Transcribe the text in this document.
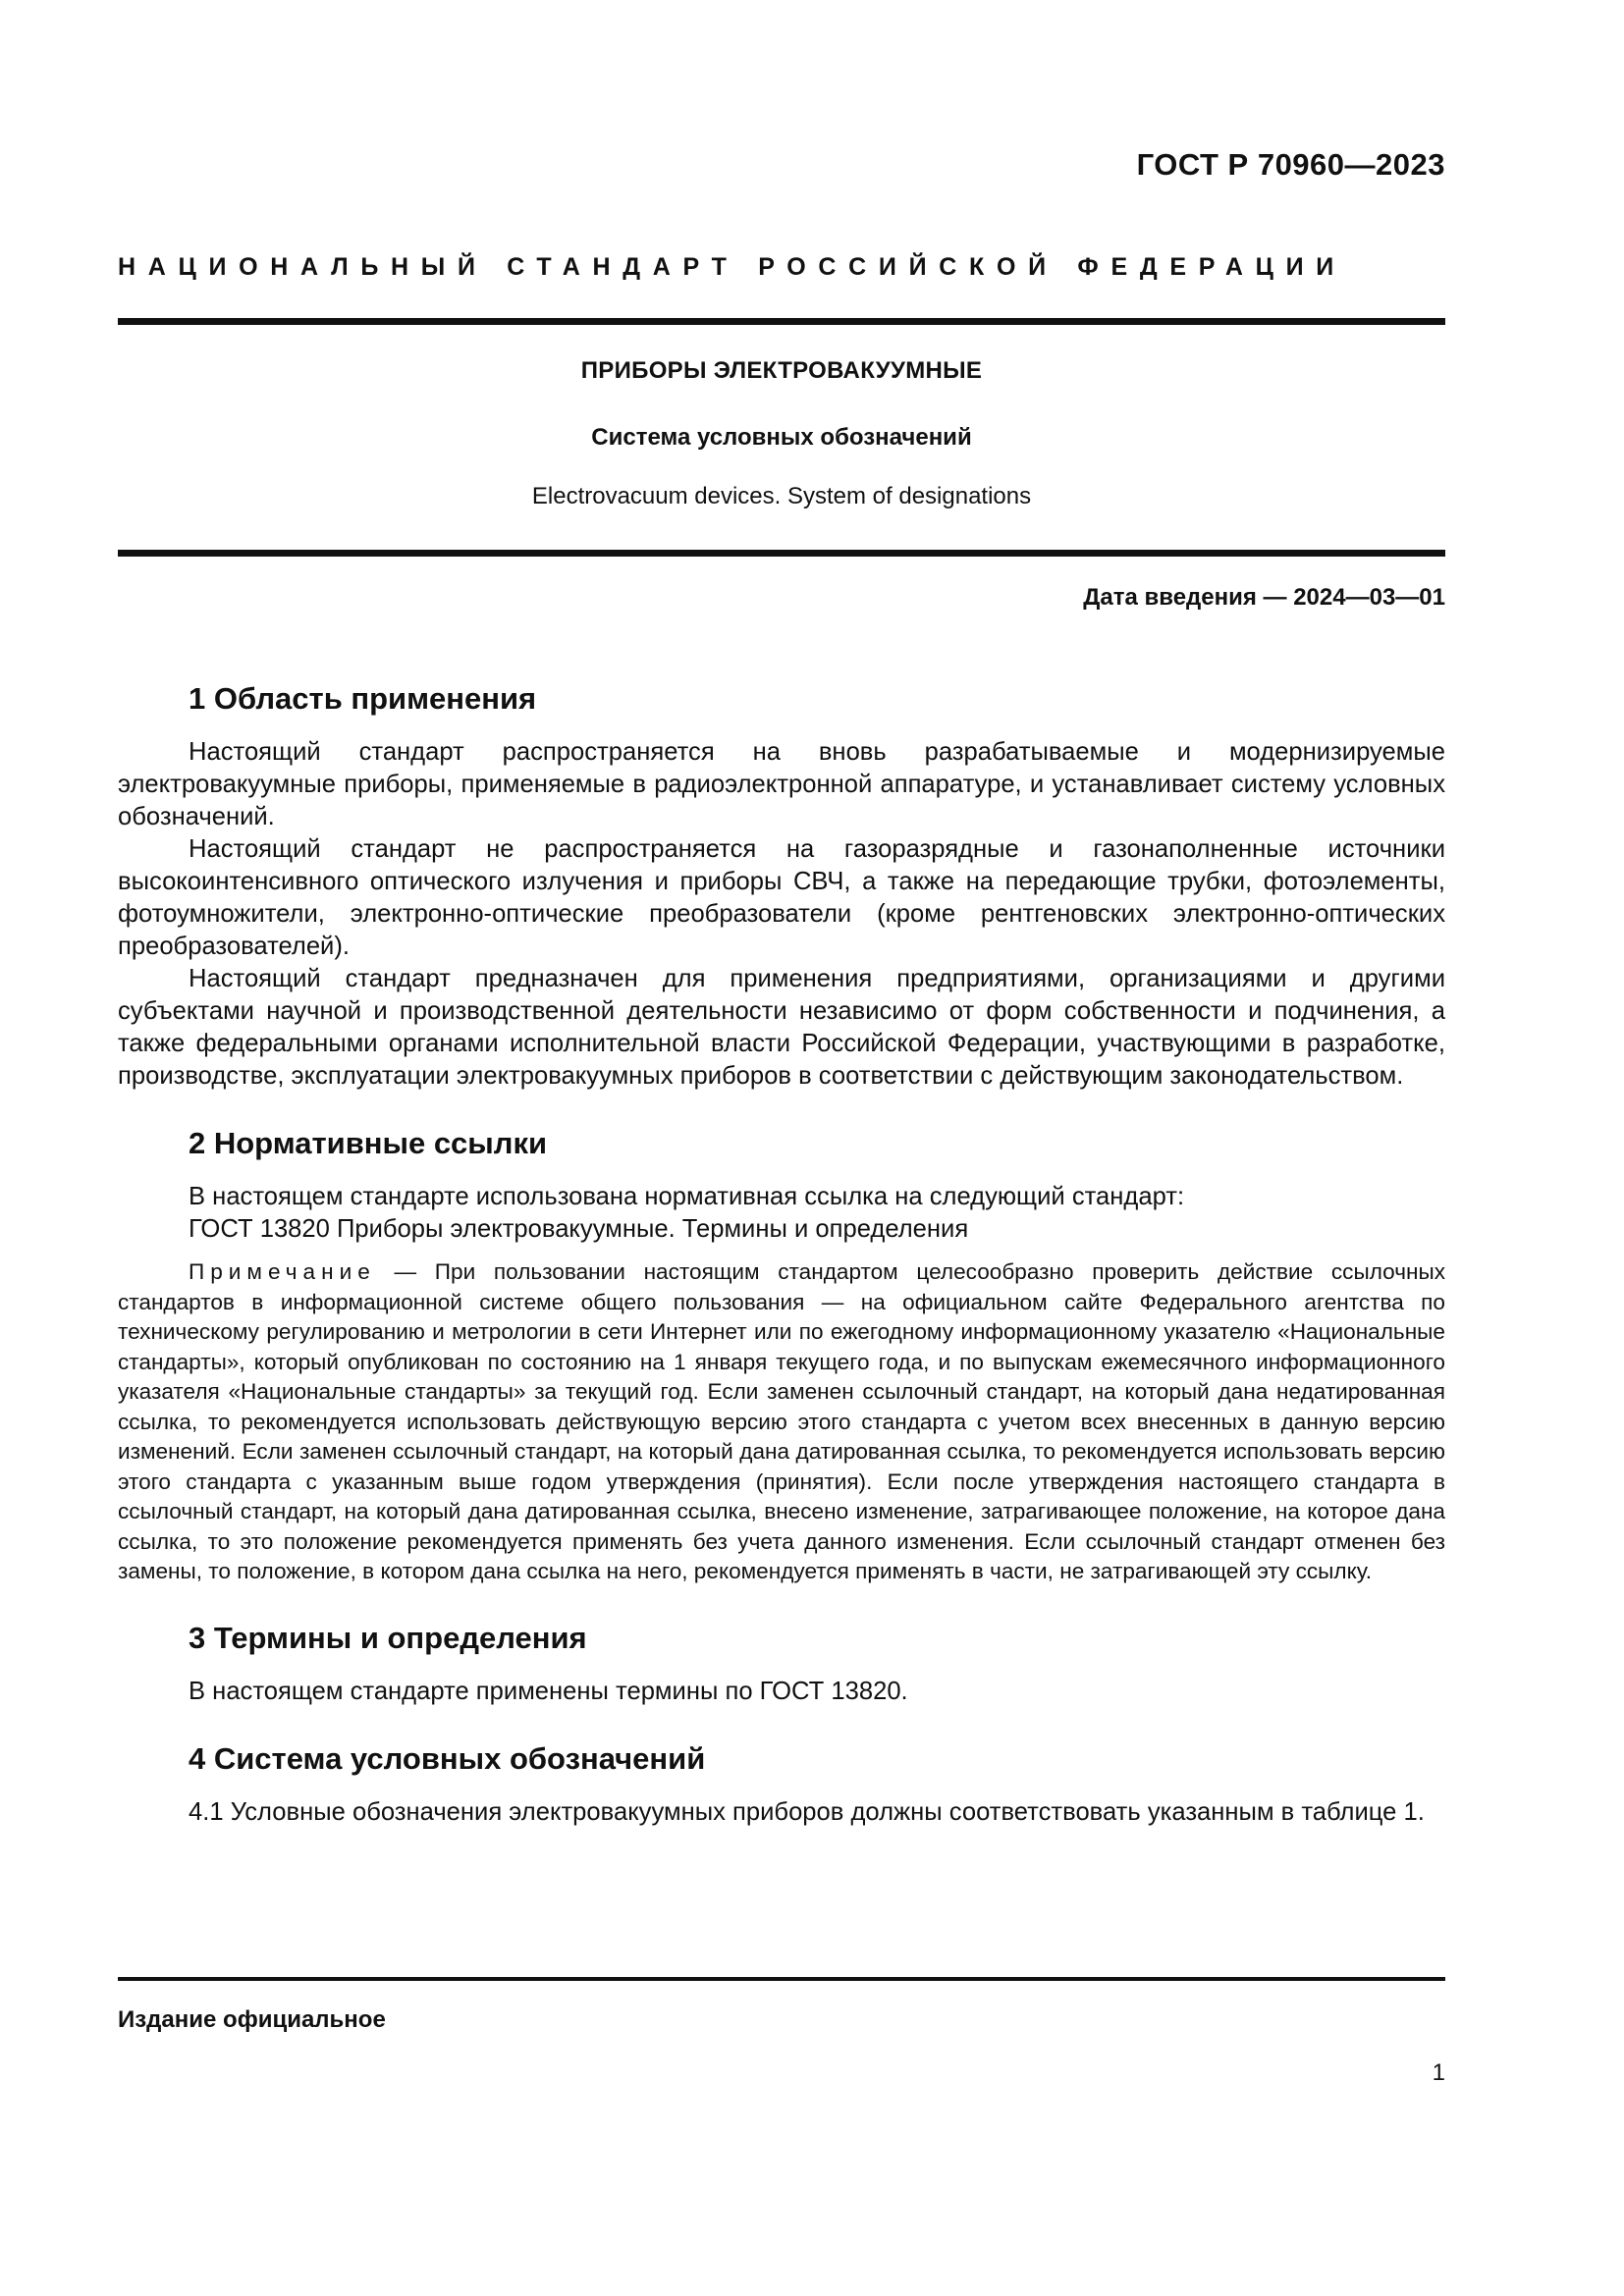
ГОСТ Р 70960—2023
НАЦИОНАЛЬНЫЙ СТАНДАРТ РОССИЙСКОЙ ФЕДЕРАЦИИ
ПРИБОРЫ ЭЛЕКТРОВАКУУМНЫЕ
Система условных обозначений
Electrovacuum devices. System of designations
Дата введения — 2024—03—01
1 Область применения

Настоящий стандарт распространяется на вновь разрабатываемые и модернизируемые электровакуумные приборы, применяемые в радиоэлектронной аппаратуре, и устанавливает систему условных обозначений.

Настоящий стандарт не распространяется на газоразрядные и газонаполненные источники высокоинтенсивного оптического излучения и приборы СВЧ, а также на передающие трубки, фотоэлементы, фотоумножители, электронно-оптические преобразователи (кроме рентгеновских электронно-оптических преобразователей).

Настоящий стандарт предназначен для применения предприятиями, организациями и другими субъектами научной и производственной деятельности независимо от форм собственности и подчинения, а также федеральными органами исполнительной власти Российской Федерации, участвующими в разработке, производстве, эксплуатации электровакуумных приборов в соответствии с действующим законодательством.

2 Нормативные ссылки

В настоящем стандарте использована нормативная ссылка на следующий стандарт:

ГОСТ 13820 Приборы электровакуумные. Термины и определения

Примечание — При пользовании настоящим стандартом целесообразно проверить действие ссылочных стандартов в информационной системе общего пользования — на официальном сайте Федерального агентства по техническому регулированию и метрологии в сети Интернет или по ежегодному информационному указателю «Национальные стандарты», который опубликован по состоянию на 1 января текущего года, и по выпускам ежемесячного информационного указателя «Национальные стандарты» за текущий год. Если заменен ссылочный стандарт, на который дана недатированная ссылка, то рекомендуется использовать действующую версию этого стандарта с учетом всех внесенных в данную версию изменений. Если заменен ссылочный стандарт, на который дана датированная ссылка, то рекомендуется использовать версию этого стандарта с указанным выше годом утверждения (принятия). Если после утверждения настоящего стандарта в ссылочный стандарт, на который дана датированная ссылка, внесено изменение, затрагивающее положение, на которое дана ссылка, то это положение рекомендуется применять без учета данного изменения. Если ссылочный стандарт отменен без замены, то положение, в котором дана ссылка на него, рекомендуется применять в части, не затрагивающей эту ссылку.
3 Термины и определения

В настоящем стандарте применены термины по ГОСТ 13820.

4 Система условных обозначений

4.1 Условные обозначения электровакуумных приборов должны соответствовать указанным в таблице 1.

Издание официальное
1
